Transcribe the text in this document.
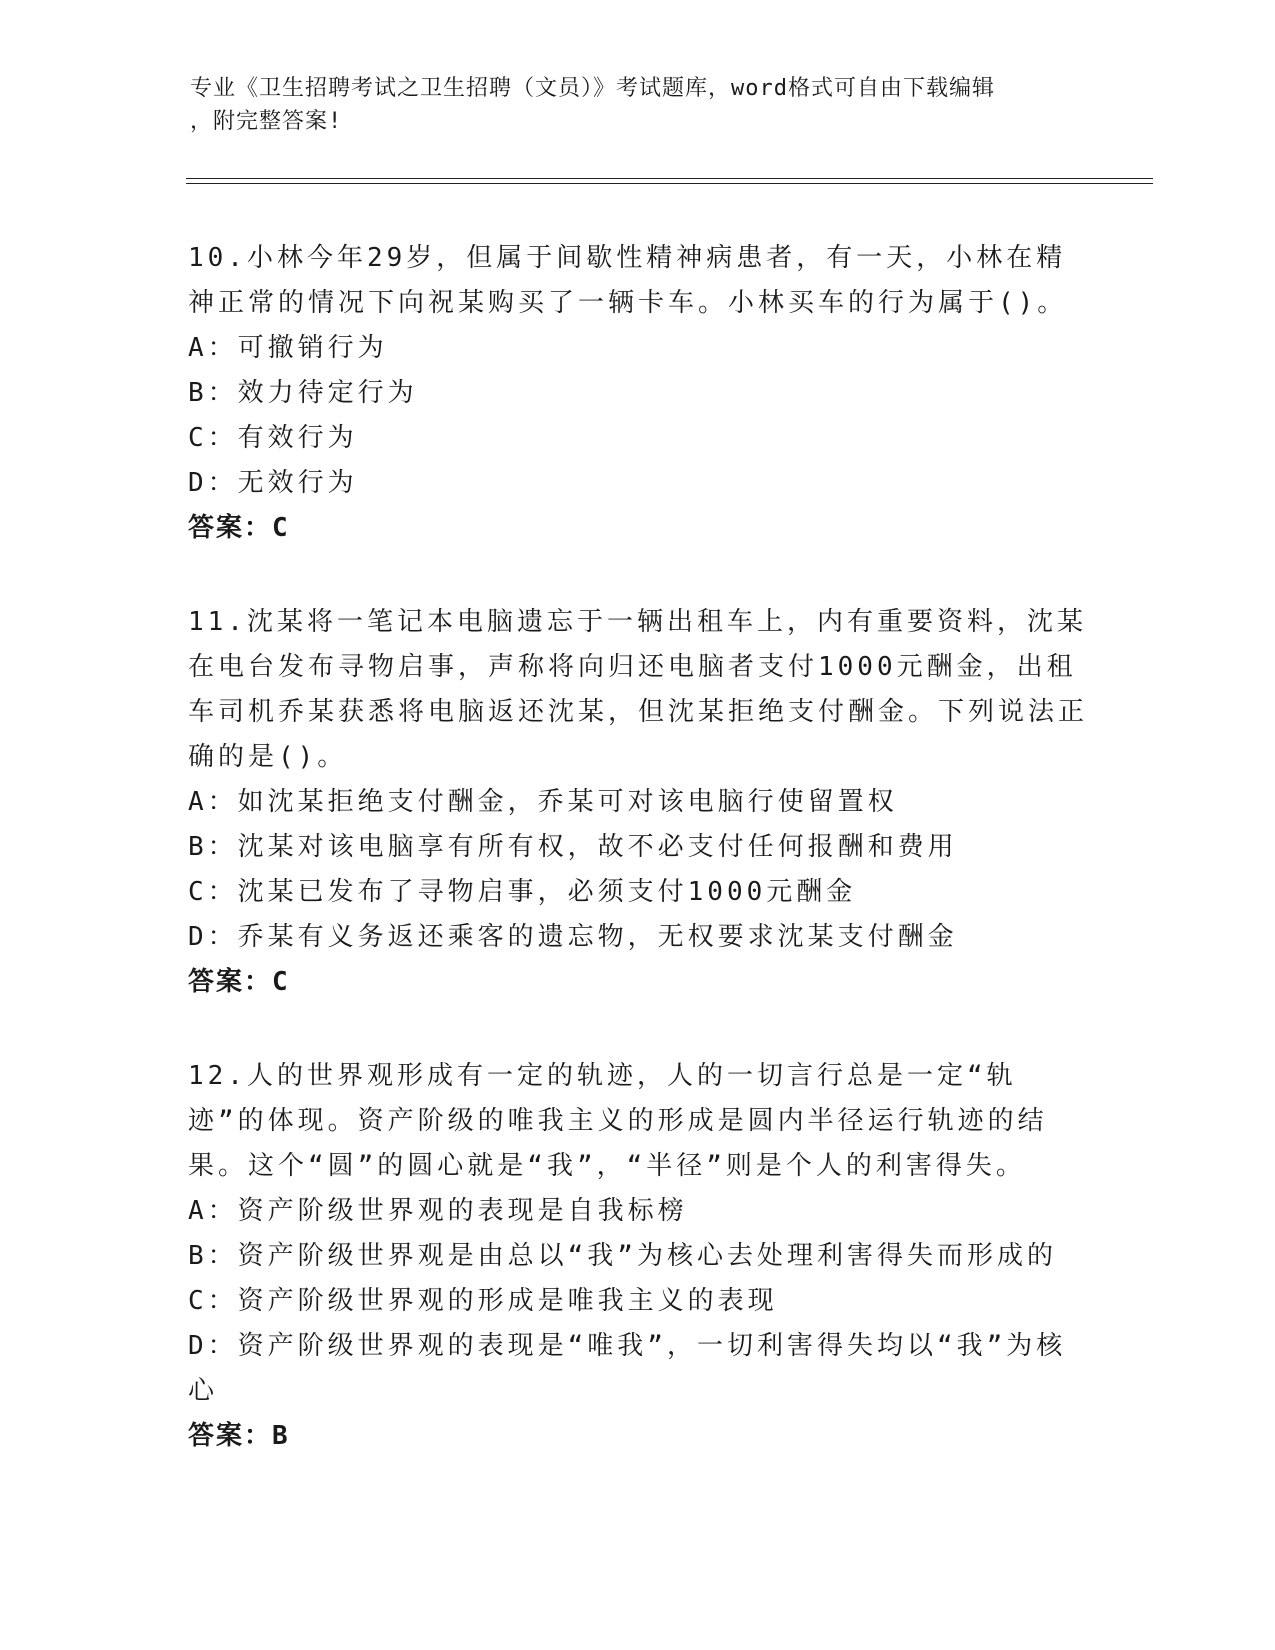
专业《卫生招聘考试之卫生招聘（文员）》考试题库，word格式可自由下载编辑
，附完整答案!
10.小林今年29岁，但属于间歇性精神病患者，有一天，小林在精神正常的情况下向祝某购买了一辆卡车。小林买车的行为属于()。
A：可撤销行为
B：效力待定行为
C：有效行为
D：无效行为
答案：C
11.沈某将一笔记本电脑遗忘于一辆出租车上，内有重要资料，沈某在电台发布寻物启事，声称将向归还电脑者支付1000元酬金，出租车司机乔某获悉将电脑返还沈某，但沈某拒绝支付酬金。下列说法正确的是()。
A：如沈某拒绝支付酬金，乔某可对该电脑行使留置权
B：沈某对该电脑享有所有权，故不必支付任何报酬和费用
C：沈某已发布了寻物启事，必须支付1000元酬金
D：乔某有义务返还乘客的遗忘物，无权要求沈某支付酬金
答案：C
12.人的世界观形成有一定的轨迹，人的一切言行总是一定“轨迹”的体现。资产阶级的唯我主义的形成是圆内半径运行轨迹的结果。这个“圆”的圆心就是“我”，“半径”则是个人的利害得失。
A：资产阶级世界观的表现是自我标榜
B：资产阶级世界观是由总以“我”为核心去处理利害得失而形成的
C：资产阶级世界观的形成是唯我主义的表现
D：资产阶级世界观的表现是“唯我”，一切利害得失均以“我”为核心
答案：B
